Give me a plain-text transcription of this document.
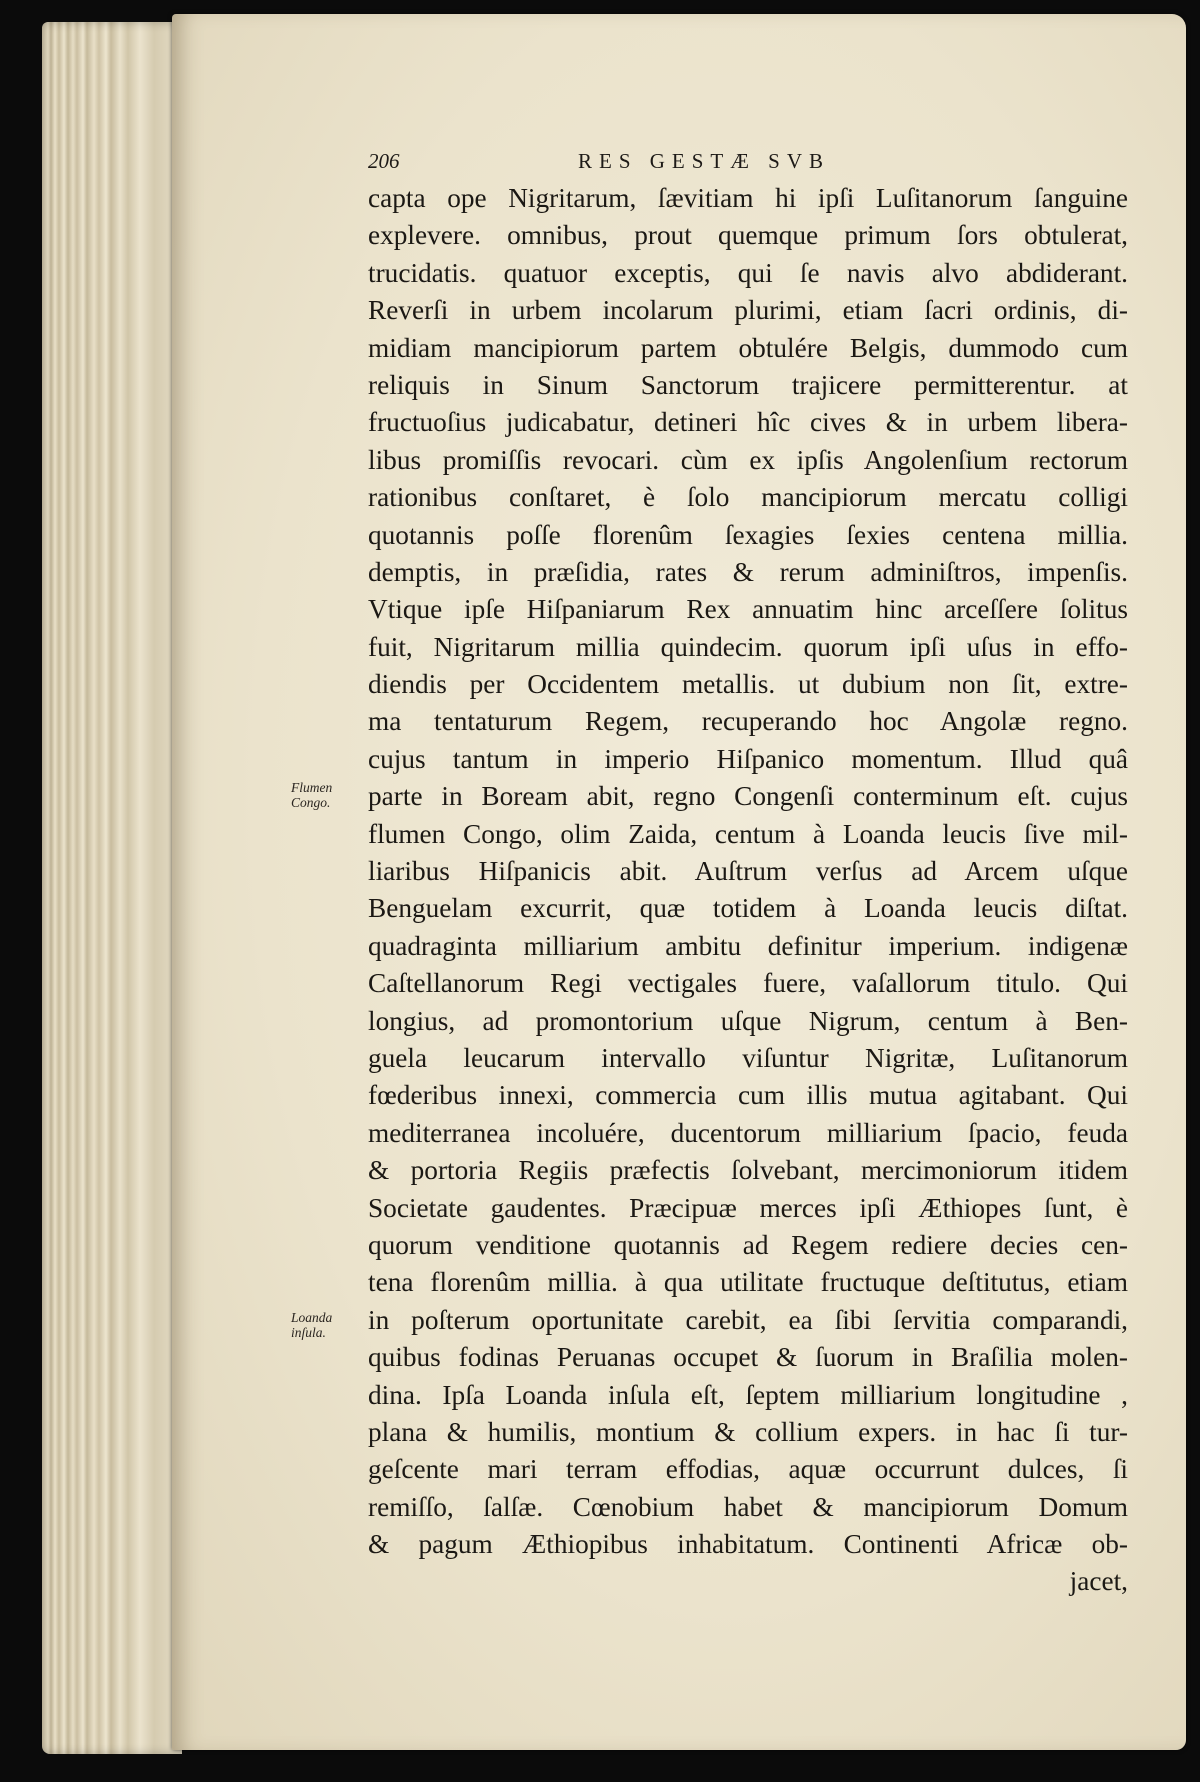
206	RES GESTÆ SVB
Flumen Congo.
Loanda inſula.
capta ope Nigritarum, ſævitiam hi ipſi Luſitanorum ſanguine
explevere. omnibus, prout quemque primum ſors obtulerat,
trucidatis. quatuor exceptis, qui ſe navis alvo abdiderant.
Reverſi in urbem incolarum plurimi, etiam ſacri ordinis, di-
midiam mancipiorum partem obtulére Belgis, dummodo cum
reliquis in Sinum Sanctorum trajicere permitterentur. at
fructuoſius judicabatur, detineri hîc cives & in urbem libera-
libus promiſſis revocari. cùm ex ipſis Angolenſium rectorum
rationibus conſtaret, è ſolo mancipiorum mercatu colligi
quotannis poſſe florenûm ſexagies ſexies centena millia.
demptis, in præſidia, rates & rerum adminiſtros, impenſis.
Vtique ipſe Hiſpaniarum Rex annuatim hinc arceſſere ſolitus
fuit, Nigritarum millia quindecim. quorum ipſi uſus in effo-
diendis per Occidentem metallis. ut dubium non ſit, extre-
ma tentaturum Regem, recuperando hoc Angolæ regno.
cujus tantum in imperio Hiſpanico momentum. Illud quâ
parte in Boream abit, regno Congenſi conterminum eſt. cujus
flumen Congo, olim Zaida, centum à Loanda leucis ſive mil-
liaribus Hiſpanicis abit. Auſtrum verſus ad Arcem uſque
Benguelam excurrit, quæ totidem à Loanda leucis diſtat.
quadraginta milliarium ambitu definitur imperium. indigenæ
Caſtellanorum Regi vectigales fuere, vaſallorum titulo. Qui
longius, ad promontorium uſque Nigrum, centum à Ben-
guela leucarum intervallo viſuntur Nigritæ, Luſitanorum
fœderibus innexi, commercia cum illis mutua agitabant. Qui
mediterranea incoluére, ducentorum milliarium ſpacio, feuda
& portoria Regiis præfectis ſolvebant, mercimoniorum itidem
Societate gaudentes. Præcipuæ merces ipſi Æthiopes ſunt, è
quorum venditione quotannis ad Regem rediere decies cen-
tena florenûm millia. à qua utilitate fructuque deſtitutus, etiam
in poſterum oportunitate carebit, ea ſibi ſervitia comparandi,
quibus fodinas Peruanas occupet & ſuorum in Braſilia molen-
dina. Ipſa Loanda inſula eſt, ſeptem milliarium longitudine ,
plana & humilis, montium & collium expers. in hac ſi tur-
geſcente mari terram effodias, aquæ occurrunt dulces, ſi
remiſſo, ſalſæ. Cœnobium habet & mancipiorum Domum
& pagum Æthiopibus inhabitatum. Continenti Africæ ob-
jacet,
